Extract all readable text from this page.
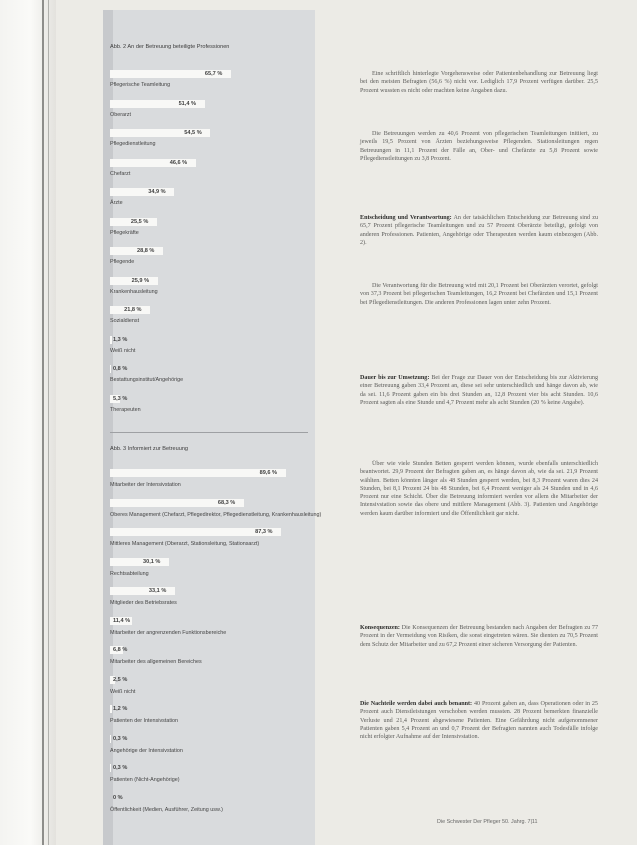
Abb. 2 An der Betreuung beteiligte Professionen
65,7 %
Pflegerische Teamleitung
51,4 %
Oberarzt
54,5 %
Pflegedienstleitung
46,6 %
Chefarzt
34,9 %
Ärzte
25,5 %
Pflegekräfte
28,8 %
Pflegende
25,9 %
Krankenhausleitung
21,8 %
Sozialdienst
1,3 %
Weiß nicht
0,8 %
Bestattungsinstitut/Angehörige
5,3 %
Therapeuten
Abb. 3 Informiert zur Betreuung
89,6 %
Mitarbeiter der Intensivstation
68,3 %
Oberes Management (Chefarzt, Pflegedirektor, Pflegedienstleitung, Krankenhausleitung)
87,3 %
Mittleres Management (Oberarzt, Stationsleitung, Stationsarzt)
30,1 %
Rechtsabteilung
33,1 %
Mitglieder des Betriebsrates
11,4 %
Mitarbeiter der angrenzenden Funktionsbereiche
6,8 %
Mitarbeiter des allgemeinen Bereiches
2,5 %
Weiß nicht
1,2 %
Patienten der Intensivstation
0,3 %
Angehörige der Intensivstation
0,3 %
Patienten (Nicht-Angehörige)
0 %
Öffentlichkeit (Medien, Ausführer, Zeitung usw.)
Eine schriftlich hinterlegte Vorgehensweise oder Patientenbehandlung zur Betreuung liegt bei den meisten Befragten (56,6 %) nicht vor. Lediglich 17,9 Prozent verfügen darüber. 25,5 Prozent wussten es nicht oder machten keine Angaben dazu.
Die Betreuungen werden zu 40,6 Prozent von pflegerischen Teamleitungen initiiert, zu jeweils 19,5 Prozent von Ärzten beziehungsweise Pflegenden. Stationsleitungen regen Betreuungen in 11,1 Prozent der Fälle an, Ober- und Chefärzte zu 5,8 Prozent sowie Pflegedienstleitungen zu 3,8 Prozent.
Entscheidung und Verantwortung: An der tatsächlichen Entscheidung zur Betreuung sind zu 65,7 Prozent pflegerische Teamleitungen und zu 57 Prozent Oberärzte beteiligt, gefolgt von anderen Professionen. Patienten, Angehörige oder Therapeuten werden kaum einbezogen (Abb. 2).
Die Verantwortung für die Betreuung wird mit 20,1 Prozent bei Oberärzten verortet, gefolgt von 37,3 Prozent bei pflegerischen Teamleitungen, 16,2 Prozent bei Chefärzten und 15,1 Prozent bei Pflegedienstleitungen. Die anderen Professionen lagen unter zehn Prozent.
Dauer bis zur Umsetzung: Bei der Frage zur Dauer von der Entscheidung bis zur Aktivierung einer Betreuung gaben 33,4 Prozent an, diese sei sehr unterschiedlich und hänge davon ab, wie da sei. 11,6 Prozent gaben ein bis drei Stunden an, 12,8 Prozent vier bis acht Stunden. 10,6 Prozent sagten als eine Stunde und 4,7 Prozent mehr als acht Stunden (20 % keine Angabe).
Über wie viele Stunden Betten gesperrt werden können, wurde ebenfalls unterschiedlich beantwortet. 29,9 Prozent der Befragten gaben an, es hänge davon ab, wie da sei. 21,9 Prozent wählten. Betten könnten länger als 48 Stunden gesperrt werden, bei 8,3 Prozent waren dies 24 Stunden, bei 8,1 Prozent 24 bis 48 Stunden, bei 6,4 Prozent weniger als 24 Stunden und in 4,6 Prozent nur eine Schicht. Über die Betreuung informiert werden vor allem die Mitarbeiter der Intensivstation sowie das obere und mittlere Management (Abb. 3). Patienten und Angehörige werden kaum darüber informiert und die Öffentlichkeit gar nicht.
Konsequenzen: Die Konsequenzen der Betreuung bestanden nach Angaben der Befragten zu 77 Prozent in der Vermeidung von Risiken, die sonst eingetreten wären. Sie dienten zu 70,5 Prozent dem Schutz der Mitarbeiter und zu 67,2 Prozent einer sicheren Versorgung der Patienten.
Die Nachteile werden dabei auch benannt: 40 Prozent gaben an, dass Operationen oder in 25 Prozent auch Dienstleistungen verschoben werden mussten. 28 Prozent bemerkten finanzielle Verluste und 21,4 Prozent abgewiesene Patienten. Eine Gefährdung nicht aufgenommener Patienten gaben 5,4 Prozent an und 0,7 Prozent der Befragten nannten auch Todesfälle infolge nicht erfolgter Aufnahme auf der Intensivstation.
Die Schwester Der Pfleger 50. Jahrg. 7|11
